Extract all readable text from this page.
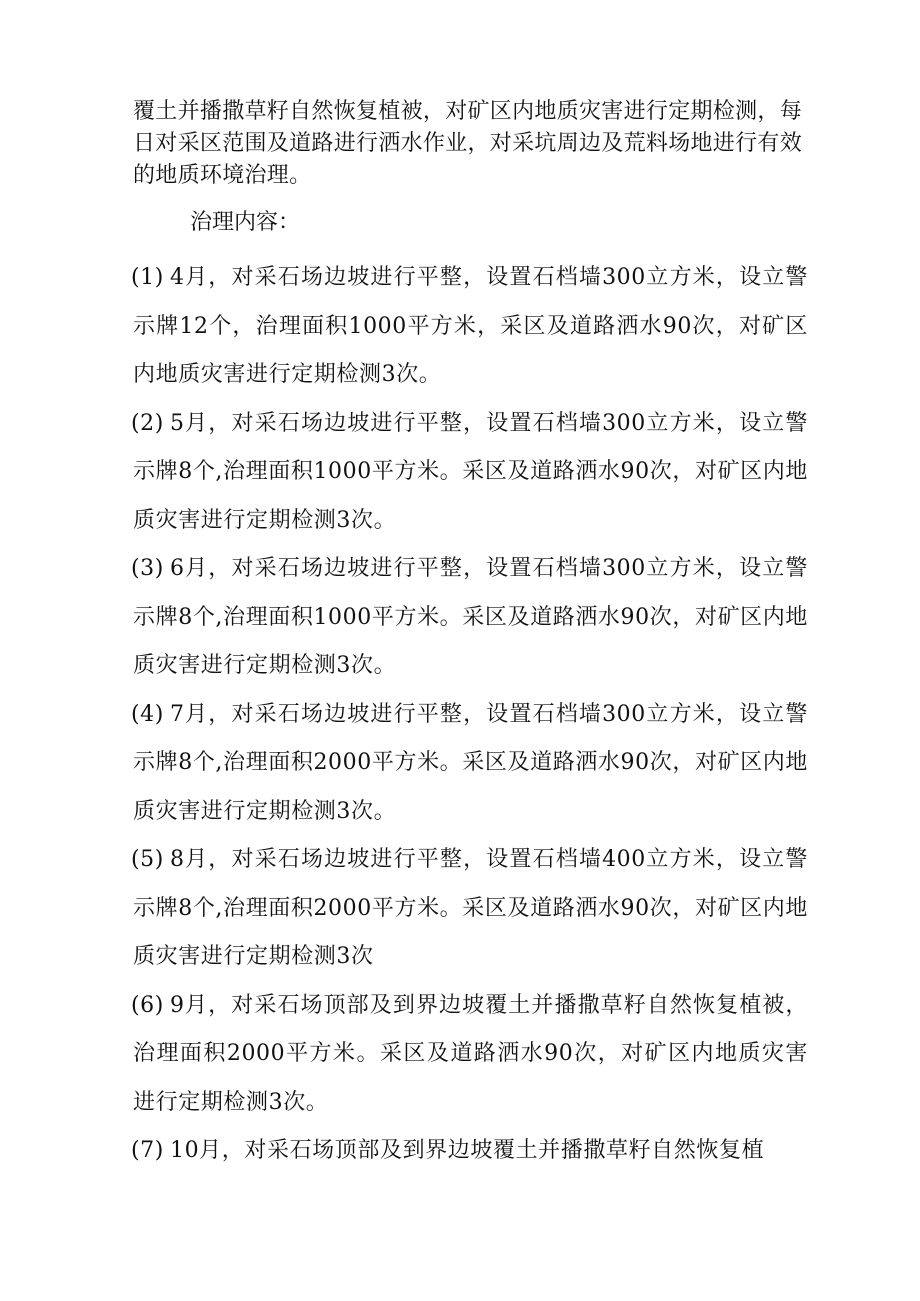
覆土并播撒草籽自然恢复植被，对矿区内地质灾害进行定期检测，每日对采区范围及道路进行洒水作业，对采坑周边及荒料场地进行有效的地质环境治理。

治理内容：

(1) 4月，对采石场边坡进行平整，设置石档墙300立方米，设立警示牌12个，治理面积1000平方米，采区及道路洒水90次，对矿区内地质灾害进行定期检测3次。
(2) 5月，对采石场边坡进行平整，设置石档墙300立方米，设立警示牌8个,治理面积1000平方米。采区及道路洒水90次，对矿区内地质灾害进行定期检测3次。
(3) 6月，对采石场边坡进行平整，设置石档墙300立方米，设立警示牌8个,治理面积1000平方米。采区及道路洒水90次，对矿区内地质灾害进行定期检测3次。
(4) 7月，对采石场边坡进行平整，设置石档墙300立方米，设立警示牌8个,治理面积2000平方米。采区及道路洒水90次，对矿区内地质灾害进行定期检测3次。
(5) 8月，对采石场边坡进行平整，设置石档墙400立方米，设立警示牌8个,治理面积2000平方米。采区及道路洒水90次，对矿区内地质灾害进行定期检测3次
(6) 9月，对采石场顶部及到界边坡覆土并播撒草籽自然恢复植被，治理面积2000平方米。采区及道路洒水90次，对矿区内地质灾害进行定期检测3次。
(7) 10月，对采石场顶部及到界边坡覆土并播撒草籽自然恢复植
